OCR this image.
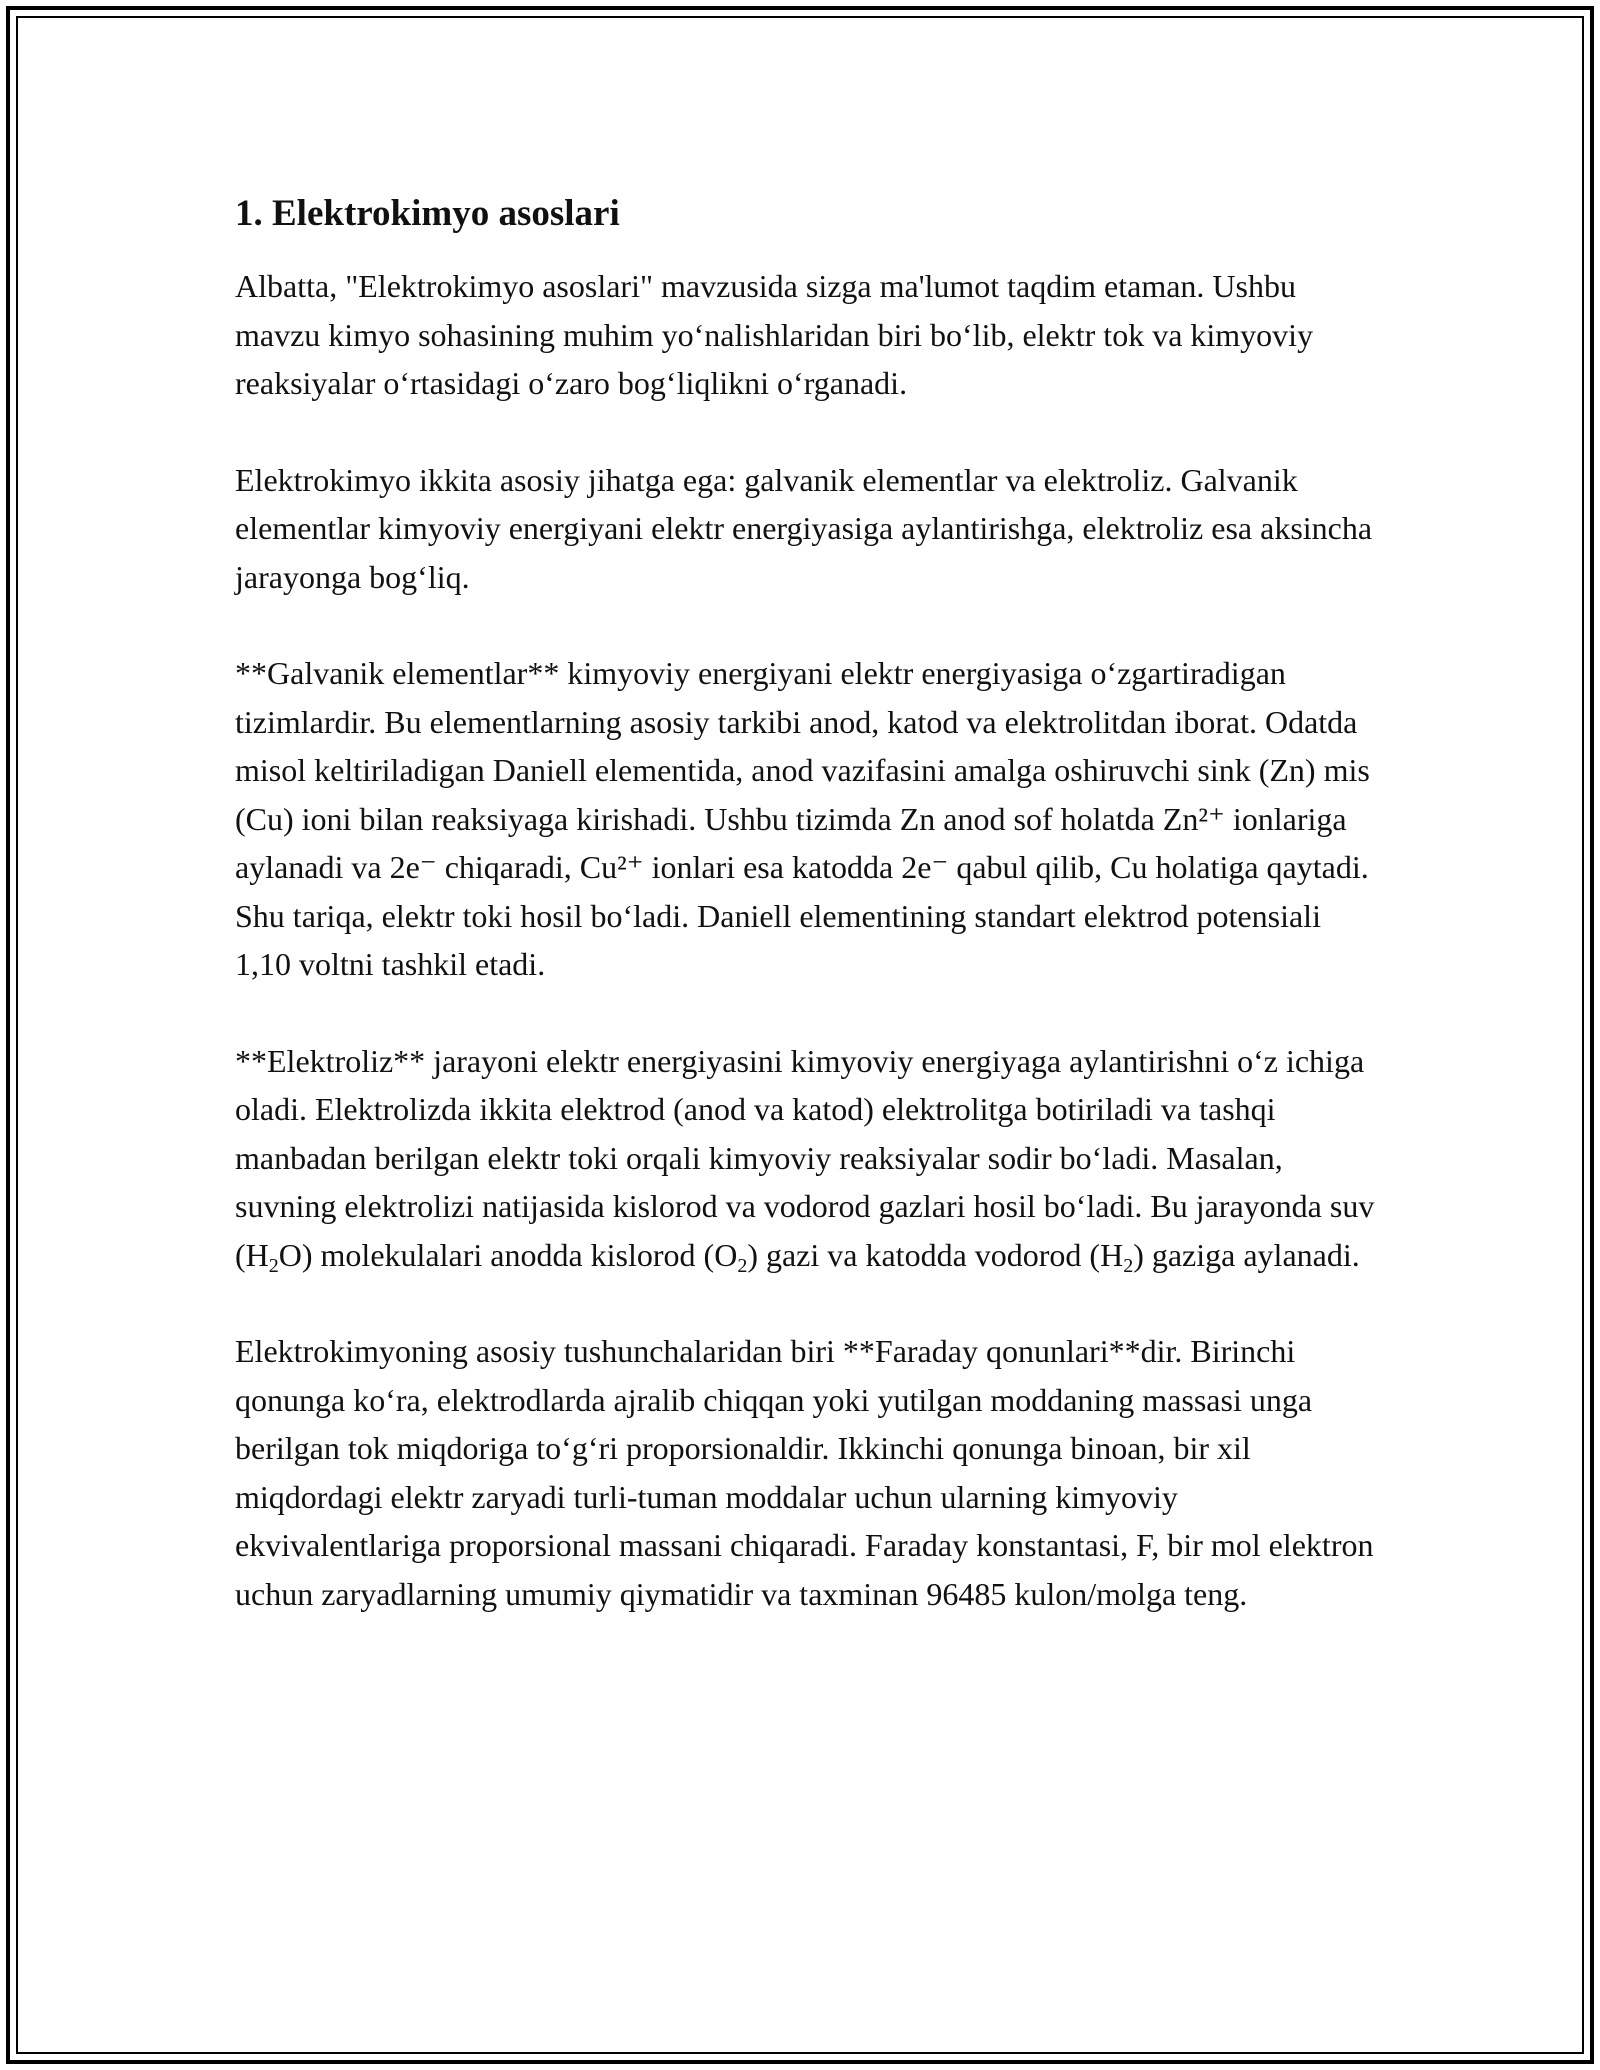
1. Elektrokimyo asoslari

Albatta, "Elektrokimyo asoslari" mavzusida sizga ma'lumot taqdim etaman. Ushbu mavzu kimyo sohasining muhim yo‘nalishlaridan biri bo‘lib, elektr tok va kimyoviy reaksiyalar o‘rtasidagi o‘zaro bog‘liqlikni o‘rganadi.

Elektrokimyo ikkita asosiy jihatga ega: galvanik elementlar va elektroliz. Galvanik elementlar kimyoviy energiyani elektr energiyasiga aylantirishga, elektroliz esa aksincha jarayonga bog‘liq.

**Galvanik elementlar** kimyoviy energiyani elektr energiyasiga o‘zgartiradigan tizimlardir. Bu elementlarning asosiy tarkibi anod, katod va elektrolitdan iborat. Odatda misol keltiriladigan Daniell elementida, anod vazifasini amalga oshiruvchi sink (Zn) mis (Cu) ioni bilan reaksiyaga kirishadi. Ushbu tizimda Zn anod sof holatda Zn²⁺ ionlariga aylanadi va 2e⁻ chiqaradi, Cu²⁺ ionlari esa katodda 2e⁻ qabul qilib, Cu holatiga qaytadi. Shu tariqa, elektr toki hosil bo‘ladi. Daniell elementining standart elektrod potensiali 1,10 voltni tashkil etadi.

**Elektroliz** jarayoni elektr energiyasini kimyoviy energiyaga aylantirishni o‘z ichiga oladi. Elektrolizda ikkita elektrod (anod va katod) elektrolitga botiriladi va tashqi manbadan berilgan elektr toki orqali kimyoviy reaksiyalar sodir bo‘ladi. Masalan, suvning elektrolizi natijasida kislorod va vodorod gazlari hosil bo‘ladi. Bu jarayonda suv $(H_2O)$ molekulalari anodda kislorod $(O_2)$ gazi va katodda vodorod $(H_2)$ gaziga aylanadi.

Elektrokimyoning asosiy tushunchalaridan biri **Faraday qonunlari**dir. Birinchi qonunga ko‘ra, elektrodlarda ajralib chiqqan yoki yutilgan moddaning massasi unga berilgan tok miqdoriga to‘g‘ri proporsionaldir. Ikkinchi qonunga binoan, bir xil miqdordagi elektr zaryadi turli-tuman moddalar uchun ularning kimyoviy ekvivalentlariga proporsional massani chiqaradi. Faraday konstantasi, F, bir mol elektron uchun zaryadlarning umumiy qiymatidir va taxminan 96485 kulon/molga teng.
